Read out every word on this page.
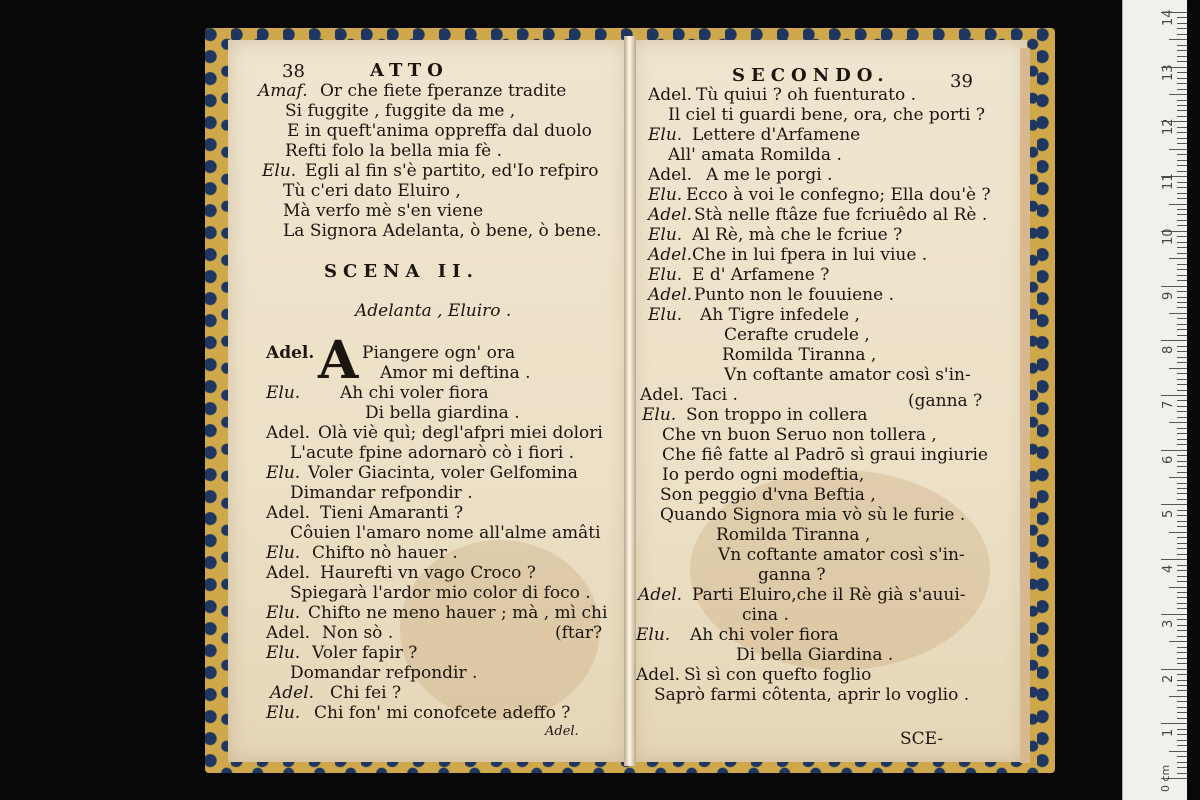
38	ATTO
Amaf. Or che fiete fperanze tradite
Si fuggite , fuggite da me ,
E in queft'anima oppreffa dal duolo
Refti folo la bella mia fè .
Elu. Egli al fin s'è partito, ed'Io refpiro
Tù c'eri dato Eluiro ,
Mà verfo mè s'en viene
La Signora Adelanta, ò bene, ò bene.
SCENA II.
Adelanta , Eluiro .
A
Adel.	Piangere ogn' ora
Amor mi deftina .
Elu. Ah chi voler fiora
Di bella giardina .
Adel. Olà viè quì; degl'afpri miei dolori
L'acute fpine adornarò cò i fiori .
Elu. Voler Giacinta, voler Gelfomina
Dimandar refpondir .
Adel. Tieni Amaranti ?
Côuien l'amaro nome all'alme amâti
Elu. Chifto nò hauer .
Adel. Haurefti vn vago Croco ?
Spiegarà l'ardor mio color di foco .
Elu. Chifto ne meno hauer ; mà , mì chi
Adel. Non sò .	(ftar?
Elu. Voler fapir ?
Domandar refpondir .
Adel. Chi fei ?
Elu. Chi fon' mi conofcete adeffo ?
Adel.
SECONDO.	39
Adel. Tù quiui ? oh fuenturato .
Il ciel ti guardi bene, ora, che porti ?
Elu. Lettere d'Arfamene
All' amata Romilda .
Adel. A me le porgi .
Elu. Ecco à voi le confegno; Ella dou'è ?
Adel. Stà nelle ftâze fue fcriuêdo al Rè .
Elu. Al Rè, mà che le fcriue ?
Adel. Che in lui fpera in lui viue .
Elu. E d' Arfamene ?
Adel. Punto non le fouuiene .
Elu. Ah Tigre infedele ,
Cerafte crudele ,
Romilda Tiranna ,
Vn coftante amator così s'in-
Adel. Taci .	(ganna ?
Elu. Son troppo in collera
Che vn buon Seruo non tollera ,
Che fiê fatte al Padrō sì graui ingiurie
Io perdo ogni modeftia,
Son peggio d'vna Beftia ,
Quando Signora mia vò sù le furie .
Romilda Tiranna ,
Vn coftante amator così s'in-
ganna ?
Adel. Parti Eluiro,che il Rè già s'auui-
cina .
Elu. Ah chi voler fiora
Di bella Giardina .
Adel. Sì sì con quefto foglio
Saprò farmi côtenta, aprir lo voglio .
SCE-
14
13
12
11
10
9
8
7
6
5
4
3
2
1
0 cm
